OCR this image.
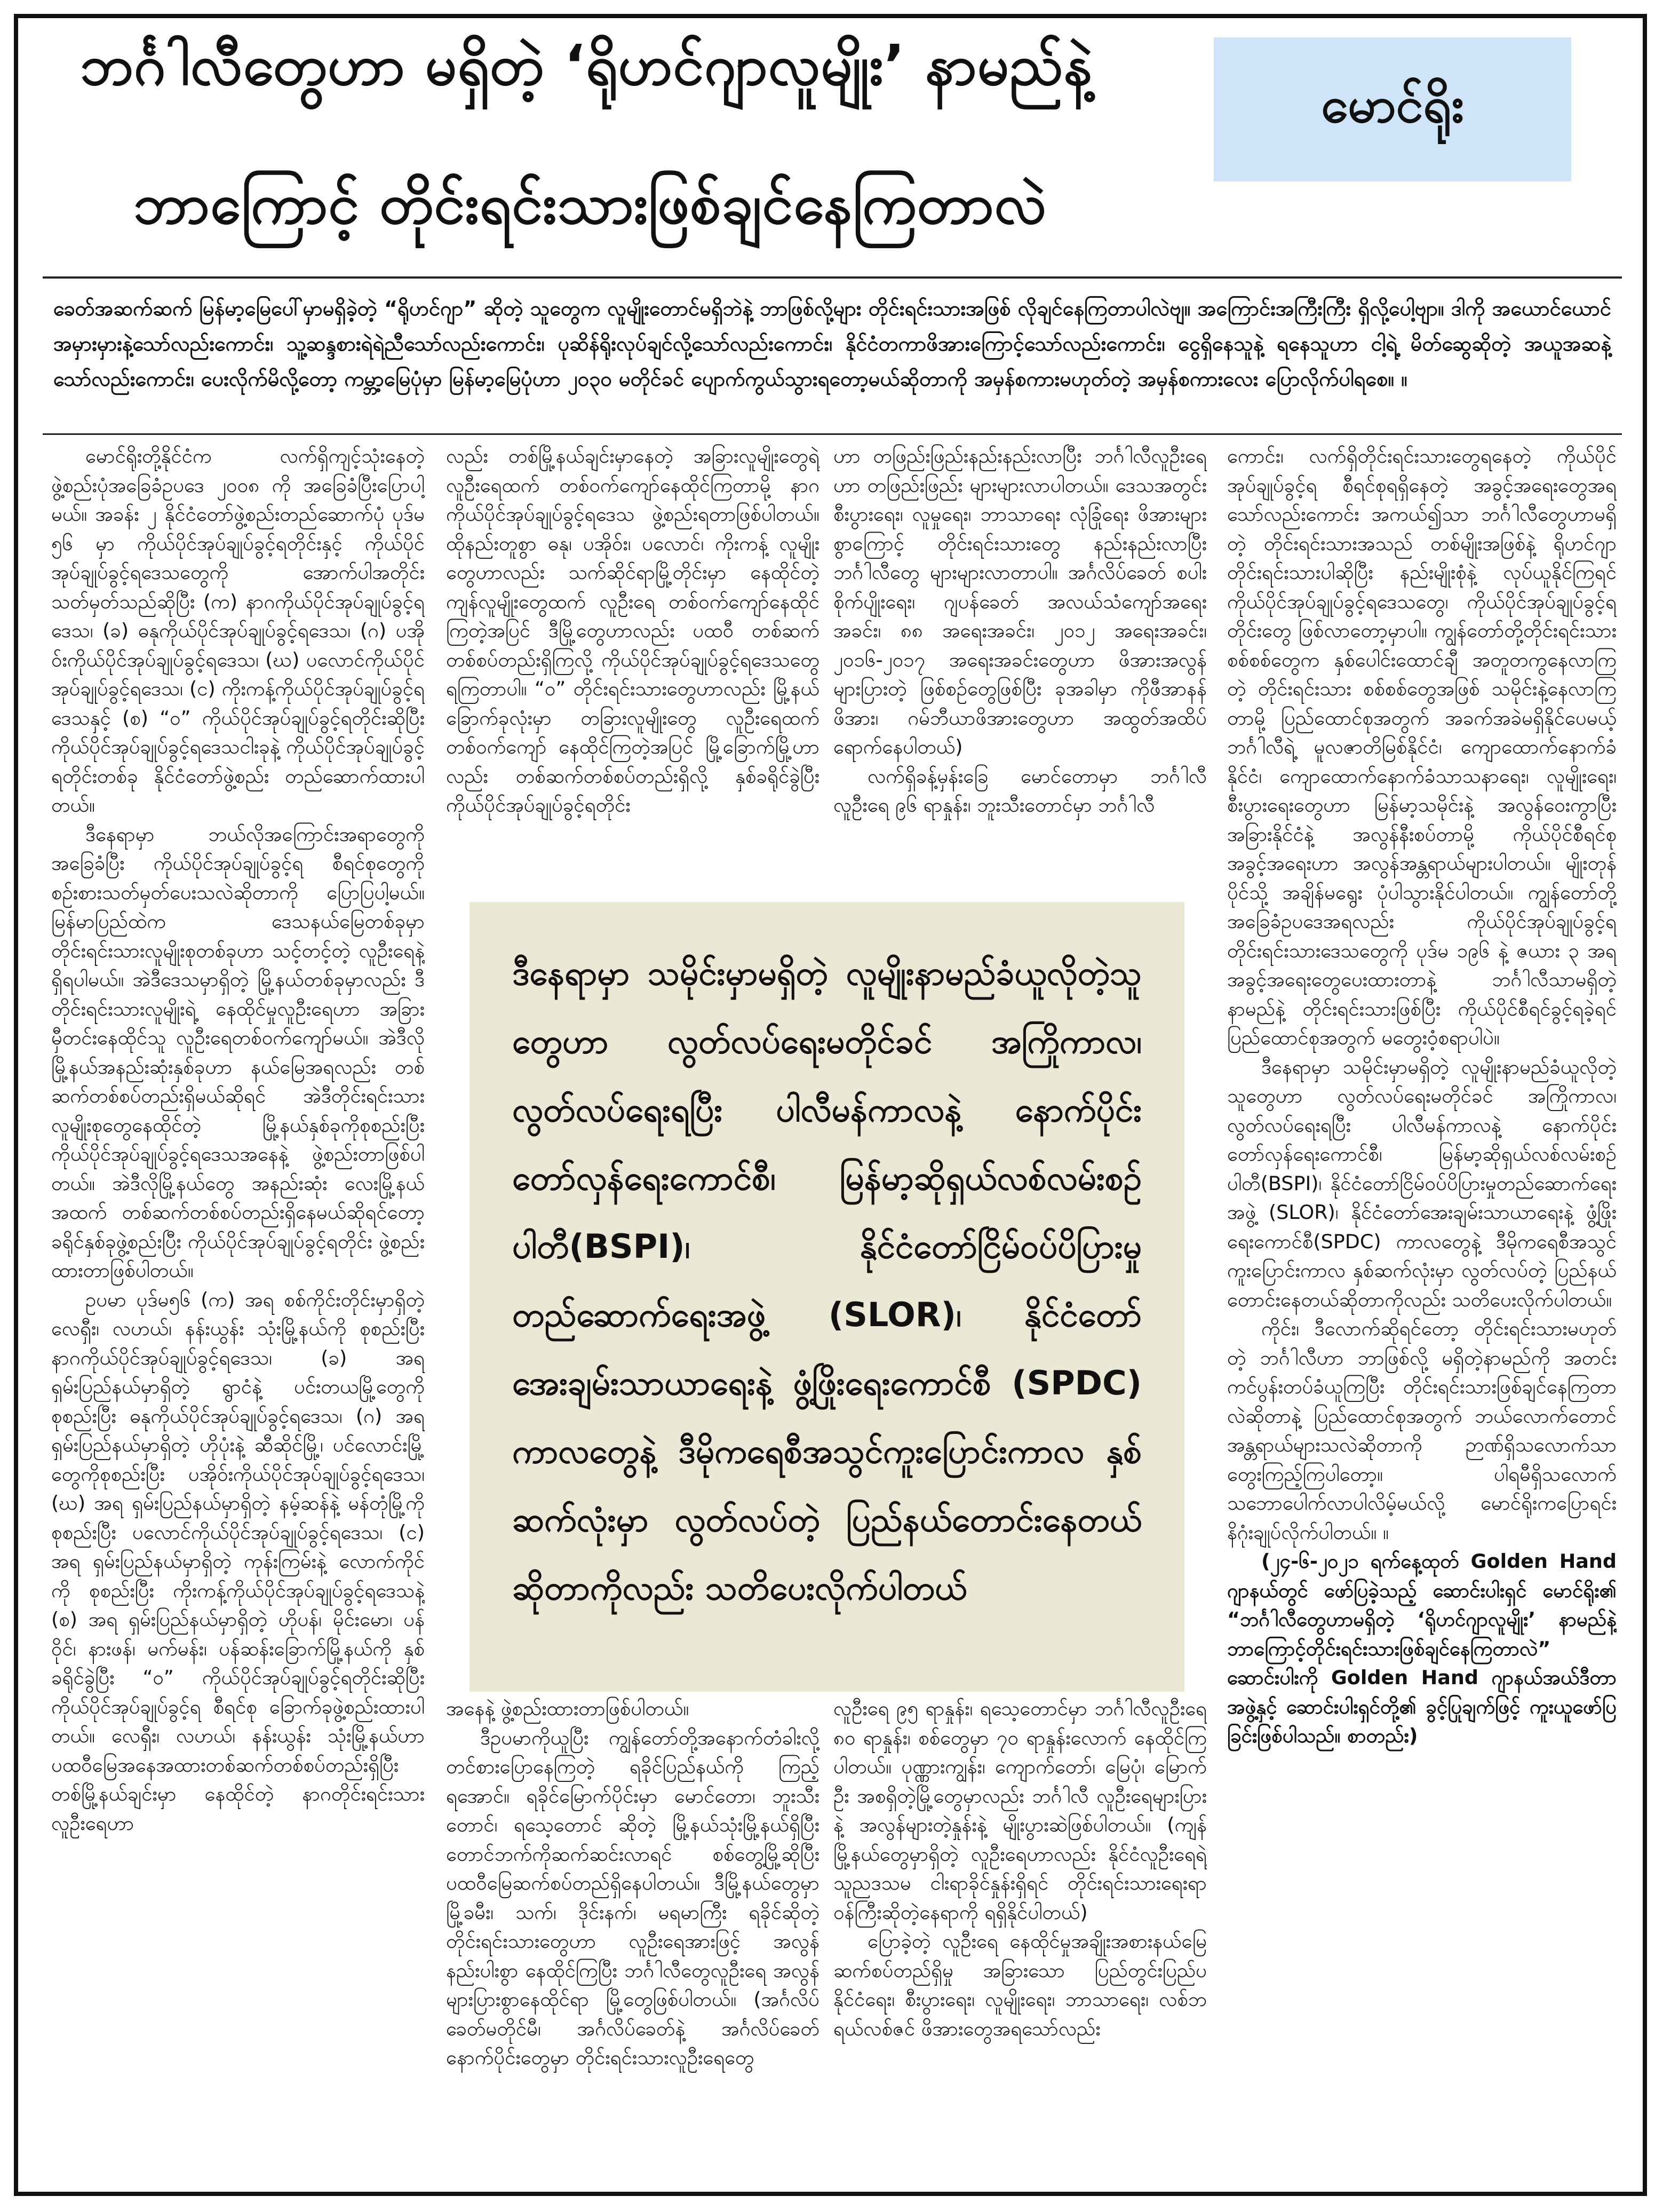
ဘင်္ဂါလီတွေဟာ မရှိတဲ့ ‘ရိုဟင်ဂျာလူမျိုး’ နာမည်နဲ့
ဘာကြောင့် တိုင်းရင်းသားဖြစ်ချင်နေကြတာလဲ
မောင်ရိုး
ခေတ်အဆက်ဆက် မြန်မာ့မြေပေါ်မှာမရှိခဲ့တဲ့ “ရိုဟင်ဂျာ” ဆိုတဲ့ သူတွေက လူမျိုးတောင်မရှိဘဲနဲ့ ဘာဖြစ်လို့များ တိုင်းရင်းသားအဖြစ် လိုချင်နေကြတာပါလဲဗျ။ အကြောင်းအကြီးကြီး ရှိလို့ပေါ့ဗျာ။ ဒါကို အယောင်ယောင်အမှားမှားနဲ့သော်လည်းကောင်း၊ သူ့ဆန္ဒစားရဲရဲညီသော်လည်းကောင်း၊ ပုဆိန်ရိုးလုပ်ချင်လို့သော်လည်းကောင်း၊ နိုင်ငံတကာဖိအားကြောင့်သော်လည်းကောင်း၊ ငွေရှိနေသူနဲ့ ရနေသူဟာ ငါ့ရဲ့ မိတ်ဆွေဆိုတဲ့ အယူအဆနဲ့သော်လည်းကောင်း၊ ပေးလိုက်မိလို့တော့ ကမ္ဘာ့မြေပုံမှာ မြန်မာ့မြေပုံဟာ ၂၀၃၀ မတိုင်ခင် ပျောက်ကွယ်သွားရတော့မယ်ဆိုတာကို အမှန်စကားမဟုတ်တဲ့ အမှန်စကားလေး ပြောလိုက်ပါရစေ။ ။

မောင်ရိုးတို့နိုင်ငံက လက်ရှိကျင့်သုံးနေတဲ့ ဖွဲ့စည်းပုံအခြေခံဥပဒေ ၂၀၀၈ ကို အခြေခံပြီးပြောပါ့မယ်။ အခန်း ၂ နိုင်ငံတော်ဖွဲ့စည်းတည်ဆောက်ပုံ ပုဒ်မ ၅၆ မှာ ကိုယ်ပိုင်အုပ်ချုပ်ခွင့်ရတိုင်းနှင့် ကိုယ်ပိုင်အုပ်ချုပ်ခွင့်ရဒေသတွေကို အောက်ပါအတိုင်း သတ်မှတ်သည်ဆိုပြီး (က) နာဂကိုယ်ပိုင်အုပ်ချုပ်ခွင့်ရဒေသ၊ (ခ) ဓနုကိုယ်ပိုင်အုပ်ချုပ်ခွင့်ရဒေသ၊ (ဂ) ပအိုဝ်းကိုယ်ပိုင်အုပ်ချုပ်ခွင့်ရဒေသ၊ (ဃ) ပလောင်ကိုယ်ပိုင်အုပ်ချုပ်ခွင့်ရဒေသ၊ (င) ကိုးကန့်ကိုယ်ပိုင်အုပ်ချုပ်ခွင့်ရဒေသနှင့် (စ) “ဝ” ကိုယ်ပိုင်အုပ်ချုပ်ခွင့်ရတိုင်းဆိုပြီး ကိုယ်ပိုင်အုပ်ချုပ်ခွင့်ရဒေသငါးခုနဲ့ ကိုယ်ပိုင်အုပ်ချုပ်ခွင့်ရတိုင်းတစ်ခု နိုင်ငံတော်ဖွဲ့စည်း တည်ဆောက်ထားပါတယ်။

ဒီနေရာမှာ ဘယ်လိုအကြောင်းအရာတွေကို အခြေခံပြီး ကိုယ်ပိုင်အုပ်ချုပ်ခွင့်ရ စီရင်စုတွေကို စဉ်းစားသတ်မှတ်ပေးသလဲဆိုတာကို ပြောပြပါ့မယ်။ မြန်မာပြည်ထဲက ဒေသနယ်မြေတစ်ခုမှာ တိုင်းရင်းသားလူမျိုးစုတစ်ခုဟာ သင့်တင့်တဲ့ လူဦးရေနဲ့ ရှိရပါမယ်။ အဲဒီဒေသမှာရှိတဲ့ မြို့နယ်တစ်ခုမှာလည်း ဒီတိုင်းရင်းသားလူမျိုးရဲ့ နေထိုင်မှုလူဦးရေဟာ အခြားမှီတင်းနေထိုင်သူ လူဦးရေတစ်ဝက်ကျော်မယ်။ အဲဒီလို မြို့နယ်အနည်းဆုံးနှစ်ခုဟာ နယ်မြေအရလည်း တစ်ဆက်တစ်စပ်တည်းရှိမယ်ဆိုရင် အဲဒီတိုင်းရင်းသားလူမျိုးစုတွေနေထိုင်တဲ့ မြို့နယ်နှစ်ခုကိုစုစည်းပြီး ကိုယ်ပိုင်အုပ်ချုပ်ခွင့်ရဒေသအနေနဲ့ ဖွဲ့စည်းတာဖြစ်ပါတယ်။ အဲဒီလိုမြို့နယ်တွေ အနည်းဆုံး လေးမြို့နယ်အထက် တစ်ဆက်တစ်စပ်တည်းရှိနေမယ်ဆိုရင်တော့ ခရိုင်နှစ်ခုဖွဲ့စည်းပြီး ကိုယ်ပိုင်အုပ်ချုပ်ခွင့်ရတိုင်း ဖွဲ့စည်းထားတာဖြစ်ပါတယ်။

ဥပမာ ပုဒ်မ၅၆ (က) အရ စစ်ကိုင်းတိုင်းမှာရှိတဲ့ လေရှီး၊ လဟယ်၊ နန်းယွန်း သုံးမြို့နယ်ကို စုစည်းပြီး နာဂကိုယ်ပိုင်အုပ်ချုပ်ခွင့်ရဒေသ၊ (ခ) အရ ရှမ်းပြည်နယ်မှာရှိတဲ့ ရွာငံနဲ့ ပင်းတယမြို့တွေကို စုစည်းပြီး ဓနုကိုယ်ပိုင်အုပ်ချုပ်ခွင့်ရဒေသ၊ (ဂ) အရ ရှမ်းပြည်နယ်မှာရှိတဲ့ ဟိုပုံးနဲ့ ဆီဆိုင်မြို့၊ ပင်လောင်းမြို့တွေကိုစုစည်းပြီး ပအိုဝ်းကိုယ်ပိုင်အုပ်ချုပ်ခွင့်ရဒေသ၊ (ဃ) အရ ရှမ်းပြည်နယ်မှာရှိတဲ့ နမ့်ဆန်နဲ့ မန်တုံမြို့ကို စုစည်းပြီး ပလောင်ကိုယ်ပိုင်အုပ်ချုပ်ခွင့်ရဒေသ၊ (င) အရ ရှမ်းပြည်နယ်မှာရှိတဲ့ ကုန်းကြမ်းနဲ့ လောက်ကိုင်ကို စုစည်းပြီး ကိုးကန့်ကိုယ်ပိုင်အုပ်ချုပ်ခွင့်ရဒေသနဲ့ (စ) အရ ရှမ်းပြည်နယ်မှာရှိတဲ့ ဟိုပန်၊ မိုင်းမော၊ ပန်ဝိုင်၊ နားဖန်၊ မက်မန်း၊ ပန်ဆန်းခြောက်မြို့နယ်ကို နှစ်ခရိုင်ခွဲပြီး “ဝ” ကိုယ်ပိုင်အုပ်ချုပ်ခွင့်ရတိုင်းဆိုပြီး ကိုယ်ပိုင်အုပ်ချုပ်ခွင့်ရ စီရင်စု ခြောက်ခုဖွဲ့စည်းထားပါတယ်။ လေရှီး၊ လဟယ်၊ နန်းယွန်း သုံးမြို့နယ်ဟာ ပထဝီမြေအနေအထားတစ်ဆက်တစ်စပ်တည်းရှိပြီး တစ်မြို့နယ်ချင်းမှာ နေထိုင်တဲ့ နာဂတိုင်းရင်းသား လူဦးရေဟာ

လည်း တစ်မြို့နယ်ချင်းမှာနေတဲ့ အခြားလူမျိုးတွေရဲ့ လူဦးရေထက် တစ်ဝက်ကျော်နေထိုင်ကြတာမို့ နာဂကိုယ်ပိုင်အုပ်ချုပ်ခွင့်ရဒေသ ဖွဲ့စည်းရတာဖြစ်ပါတယ်။ ထိုနည်းတူစွာ ဓနု၊ ပအိုဝ်း၊ ပလောင်၊ ကိုးကန့် လူမျိုးတွေဟာလည်း သက်ဆိုင်ရာမြို့တိုင်းမှာ နေထိုင်တဲ့ ကျန်လူမျိုးတွေထက် လူဦးရေ တစ်ဝက်ကျော်နေထိုင်ကြတဲ့အပြင် ဒီမြို့တွေဟာလည်း ပထဝီ တစ်ဆက်တစ်စပ်တည်းရှိကြလို့ ကိုယ်ပိုင်အုပ်ချုပ်ခွင့်ရဒေသတွေရကြတာပါ။ “ဝ” တိုင်းရင်းသားတွေဟာလည်း မြို့နယ်ခြောက်ခုလုံးမှာ တခြားလူမျိုးတွေ လူဦးရေထက် တစ်ဝက်ကျော် နေထိုင်ကြတဲ့အပြင် မြို့ခြောက်မြို့ဟာလည်း တစ်ဆက်တစ်စပ်တည်းရှိလို့ နှစ်ခရိုင်ခွဲပြီး ကိုယ်ပိုင်အုပ်ချုပ်ခွင့်ရတိုင်း

ဟာ တဖြည်းဖြည်းနည်းနည်းလာပြီး ဘင်္ဂါလီလူဦးရေဟာ တဖြည်းဖြည်း များများလာပါတယ်။ ဒေသအတွင်း စီးပွားရေး၊ လူမှုရေး၊ ဘာသာရေး လုံခြုံရေး ဖိအားများစွာကြောင့် တိုင်းရင်းသားတွေ နည်းနည်းလာပြီး ဘင်္ဂါလီတွေ များများလာတာပါ။ အင်္ဂလိပ်ခေတ် စပါးစိုက်ပျိုးရေး၊ ဂျပန်ခေတ် အလယ်သံကျော်အရေးအခင်း၊ ၈၈ အရေးအခင်း၊ ၂၀၁၂ အရေးအခင်း၊ ၂၀၁၆-၂၀၁၇ အရေးအခင်းတွေဟာ ဖိအားအလွန်များပြားတဲ့ ဖြစ်စဉ်တွေဖြစ်ပြီး ခုအခါမှာ ကိုဖီအာနန်ဖိအား၊ ဂမ်ဘီယာဖိအားတွေဟာ အထွတ်အထိပ်ရောက်နေပါတယ်)

လက်ရှိခန့်မှန်းခြေ မောင်တောမှာ ဘင်္ဂါလီ လူဦးရေ ၉၆ ရာနှုန်း၊ ဘူးသီးတောင်မှာ ဘင်္ဂါလီ

ဒီနေရာမှာ သမိုင်းမှာမရှိတဲ့ လူမျိုးနာမည်ခံယူလိုတဲ့သူတွေဟာ လွတ်လပ်ရေးမတိုင်ခင် အကြိုကာလ၊ လွတ်လပ်ရေးရပြီး ပါလီမန်ကာလနဲ့ နောက်ပိုင်းတော်လှန်ရေးကောင်စီ၊ မြန်မာ့ဆိုရှယ်လစ်လမ်းစဉ်ပါတီ(BSPI)၊ နိုင်ငံတော်ငြိမ်ဝပ်ပိပြားမှုတည်ဆောက်ရေးအဖွဲ့ (SLOR)၊ နိုင်ငံတော်အေးချမ်းသာယာရေးနဲ့ ဖွံ့ဖြိုးရေးကောင်စီ (SPDC) ကာလတွေနဲ့ ဒီမိုကရေစီအသွင်ကူးပြောင်းကာလ နှစ်ဆက်လုံးမှာ လွတ်လပ်တဲ့ ပြည်နယ်တောင်းနေတယ်ဆိုတာကိုလည်း သတိပေးလိုက်ပါတယ်

အနေနဲ့ ဖွဲ့စည်းထားတာဖြစ်ပါတယ်။

ဒီဥပမာကိုယူပြီး ကျွန်တော်တို့အနောက်တံခါးလို့ တင်စားပြောနေကြတဲ့ ရခိုင်ပြည်နယ်ကို ကြည့်ရအောင်။ ရခိုင်မြောက်ပိုင်းမှာ မောင်တော၊ ဘူးသီးတောင်၊ ရသေ့တောင် ဆိုတဲ့ မြို့နယ်သုံးမြို့နယ်ရှိပြီး တောင်ဘက်ကိုဆက်ဆင်းလာရင် စစ်တွေ့မြို့ဆိုပြီး ပထဝီမြေဆက်စပ်တည်ရှိနေပါတယ်။ ဒီမြို့နယ်တွေမှာ မြို့ခမီး၊ သက်၊ ဒိုင်းနက်၊ မရမာကြီး ရခိုင်ဆိုတဲ့ တိုင်းရင်းသားတွေဟာ လူဦးရေအားဖြင့် အလွန်နည်းပါးစွာ နေထိုင်ကြပြီး ဘင်္ဂါလီတွေလူဦးရေ အလွန်များပြားစွာနေထိုင်ရာ မြို့တွေဖြစ်ပါတယ်။ (အင်္ဂလိပ်ခေတ်မတိုင်မီ၊ အင်္ဂလိပ်ခေတ်နဲ့ အင်္ဂလိပ်ခေတ်နောက်ပိုင်းတွေမှာ တိုင်းရင်းသားလူဦးရေတွေ

လူဦးရေ ၉၅ ရာနှုန်း၊ ရသေ့တောင်မှာ ဘင်္ဂါလီလူဦးရေ ၈၀ ရာနှုန်း၊ စစ်တွေမှာ ၇၀ ရာနှုန်းလောက် နေထိုင်ကြပါတယ်။ ပုဏ္ဏားကျွန်း၊ ကျောက်တော်၊ မြေပုံ၊ မြောက်ဦး အစရှိတဲ့မြို့တွေမှာလည်း ဘင်္ဂါလီ လူဦးရေများပြားနဲ့ အလွန်များတဲ့နှုန်းနဲ့ မျိုးပွားဆဲဖြစ်ပါတယ်။ (ကျန်မြို့နယ်တွေမှာရှိတဲ့ လူဦးရေဟာလည်း နိုင်ငံလူဦးရေရဲ့ သူညဒသမ ငါးရာခိုင်နှုန်းရှိရင် တိုင်းရင်းသားရေးရာဝန်ကြီးဆိုတဲ့နေရာကို ရရှိနိုင်ပါတယ်)

ပြောခဲ့တဲ့ လူဦးရေ နေထိုင်မှုအချိုးအစားနယ်မြေဆက်စပ်တည်ရှိမှု အခြားသော ပြည်တွင်းပြည်ပနိုင်ငံရေး၊ စီးပွားရေး၊ လူမျိုးရေး၊ ဘာသာရေး၊ လစ်ဘရယ်လစ်ဇင် ဖိအားတွေအရသော်လည်း

ကောင်း၊ လက်ရှိတိုင်းရင်းသားတွေရနေတဲ့ ကိုယ်ပိုင်အုပ်ချုပ်ခွင့်ရ စီရင်စုရရှိနေတဲ့ အခွင့်အရေးတွေအရသော်လည်းကောင်း အကယ်၍သာ ဘင်္ဂါလီတွေဟာမရှိတဲ့ တိုင်းရင်းသားအသည် တစ်မျိုးအဖြစ်နဲ့ ရိုဟင်ဂျာတိုင်းရင်းသားပါဆိုပြီး နည်းမျိုးစုံနဲ့ လုပ်ယူနိုင်ကြရင် ကိုယ်ပိုင်အုပ်ချုပ်ခွင့်ရဒေသတွေ၊ ကိုယ်ပိုင်အုပ်ချုပ်ခွင့်ရတိုင်းတွေ ဖြစ်လာတော့မှာပါ။ ကျွန်တော်တို့တိုင်းရင်းသားစစ်စစ်တွေက နှစ်ပေါင်းထောင်ချီ အတူတကွနေလာကြတဲ့ တိုင်းရင်းသား စစ်စစ်တွေအဖြစ် သမိုင်းနဲ့နေလာကြတာမို့ ပြည်ထောင်စုအတွက် အခက်အခဲမရှိနိုင်ပေမယ့် ဘင်္ဂါလီရဲ့ မူလဇာတိမြစ်နိုင်ငံ၊ ကျောထောက်နောက်ခံနိုင်ငံ၊ ကျောထောက်နောက်ခံသာသနာရေး၊ လူမျိုးရေး၊ စီးပွားရေးတွေဟာ မြန်မာ့သမိုင်းနဲ့ အလွန်ဝေးကွာပြီး အခြားနိုင်ငံနဲ့ အလွန်နီးစပ်တာမို့ ကိုယ်ပိုင်စီရင်စုအခွင့်အရေးဟာ အလွန်အန္တရာယ်များပါတယ်။ မျိုးတုန်ပိုင်သို့ အချိန်မရွေး ပုံပါသွားနိုင်ပါတယ်။ ကျွန်တော်တို့အခြေခံဥပဒေအရလည်း ကိုယ်ပိုင်အုပ်ချုပ်ခွင့်ရတိုင်းရင်းသားဒေသတွေကို ပုဒ်မ ၁၉၆ နဲ့ ဇယား ၃ အရ အခွင့်အရေးတွေပေးထားတာနဲ့ ဘင်္ဂါလီသာမရှိတဲ့ နာမည်နဲ့ တိုင်းရင်းသားဖြစ်ပြီး ကိုယ်ပိုင်စီရင်ခွင့်ရခဲ့ရင် ပြည်ထောင်စုအတွက် မတွေးဝံ့စရာပါပဲ။

ဒီနေရာမှာ သမိုင်းမှာမရှိတဲ့ လူမျိုးနာမည်ခံယူလိုတဲ့သူတွေဟာ လွတ်လပ်ရေးမတိုင်ခင် အကြိုကာလ၊ လွတ်လပ်ရေးရပြီး ပါလီမန်ကာလနဲ့ နောက်ပိုင်းတော်လှန်ရေးကောင်စီ၊ မြန်မာ့ဆိုရှယ်လစ်လမ်းစဉ်ပါတီ(BSPI)၊ နိုင်ငံတော်ငြိမ်ဝပ်ပိပြားမှုတည်ဆောက်ရေးအဖွဲ့ (SLOR)၊ နိုင်ငံတော်အေးချမ်းသာယာရေးနဲ့ ဖွံ့ဖြိုးရေးကောင်စီ(SPDC) ကာလတွေနဲ့ ဒီမိုကရေစီအသွင်ကူးပြောင်းကာလ နှစ်ဆက်လုံးမှာ လွတ်လပ်တဲ့ ပြည်နယ်တောင်းနေတယ်ဆိုတာကိုလည်း သတိပေးလိုက်ပါတယ်။

ကိုင်း၊ ဒီလောက်ဆိုရင်တော့ တိုင်းရင်းသားမဟုတ်တဲ့ ဘင်္ဂါလီဟာ ဘာဖြစ်လို့ မရှိတဲ့နာမည်ကို အတင်း ကင်ပွန်းတပ်ခံယူကြပြီး တိုင်းရင်းသားဖြစ်ချင်နေကြတာလဲဆိုတာနဲ့ ပြည်ထောင်စုအတွက် ဘယ်လောက်တောင် အန္တရာယ်များသလဲဆိုတာကို ဉာဏ်ရှိသလောက်သာ တွေးကြည့်ကြပါတော့။ ပါရမီရှိသလောက် သဘောပေါက်လာပါလိမ့်မယ်လို့ မောင်ရိုးကပြောရင်း နိဂုံးချုပ်လိုက်ပါတယ်။ ။

(၂၄-၆-၂၀၂၁ ရက်နေ့ထုတ် Golden Hand ဂျာနယ်တွင် ဖော်ပြခဲ့သည့် ဆောင်းပါးရှင် မောင်ရိုး၏ “ဘင်္ဂါလီတွေဟာမရှိတဲ့ ‘ရိုဟင်ဂျာလူမျိုး’ နာမည်နဲ့ ဘာကြောင့်တိုင်းရင်းသားဖြစ်ချင်နေကြတာလဲ” ဆောင်းပါးကို Golden Hand ဂျာနယ်အယ်ဒီတာအဖွဲ့နှင့် ဆောင်းပါးရှင်တို့၏ ခွင့်ပြုချက်ဖြင့် ကူးယူဖော်ပြခြင်းဖြစ်ပါသည်။ စာတည်း)
